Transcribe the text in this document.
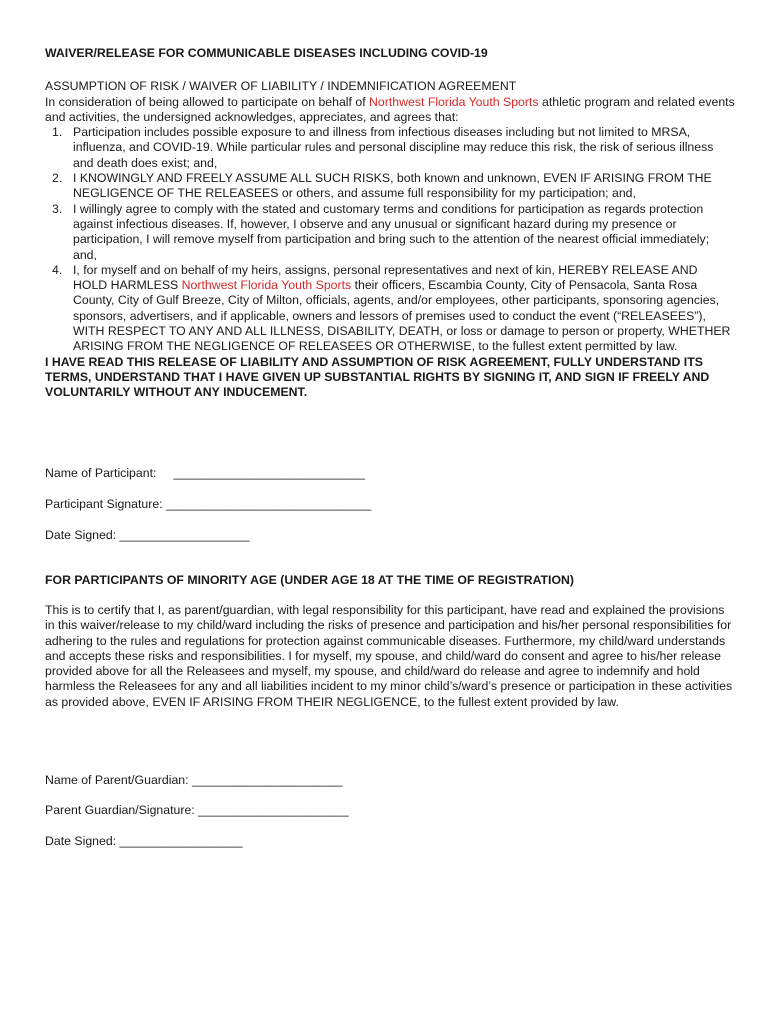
WAIVER/RELEASE FOR COMMUNICABLE DISEASES INCLUDING COVID-19

ASSUMPTION OF RISK / WAIVER OF LIABILITY / INDEMNIFICATION AGREEMENT

In consideration of being allowed to participate on behalf of Northwest Florida Youth Sports athletic program and related events and activities, the undersigned acknowledges, appreciates, and agrees that:

1. Participation includes possible exposure to and illness from infectious diseases including but not limited to MRSA, influenza, and COVID-19. While particular rules and personal discipline may reduce this risk, the risk of serious illness and death does exist; and,
2. I KNOWINGLY AND FREELY ASSUME ALL SUCH RISKS, both known and unknown, EVEN IF ARISING FROM THE NEGLIGENCE OF THE RELEASEES or others, and assume full responsibility for my participation; and,
3. I willingly agree to comply with the stated and customary terms and conditions for participation as regards protection against infectious diseases. If, however, I observe and any unusual or significant hazard during my presence or participation, I will remove myself from participation and bring such to the attention of the nearest official immediately; and,
4. I, for myself and on behalf of my heirs, assigns, personal representatives and next of kin, HEREBY RELEASE AND HOLD HARMLESS Northwest Florida Youth Sports their officers, Escambia County, City of Pensacola, Santa Rosa County, City of Gulf Breeze, City of Milton, officials, agents, and/or employees, other participants, sponsoring agencies, sponsors, advertisers, and if applicable, owners and lessors of premises used to conduct the event (“RELEASEES”), WITH RESPECT TO ANY AND ALL ILLNESS, DISABILITY, DEATH, or loss or damage to person or property, WHETHER ARISING FROM THE NEGLIGENCE OF RELEASEES OR OTHERWISE, to the fullest extent permitted by law.

I HAVE READ THIS RELEASE OF LIABILITY AND ASSUMPTION OF RISK AGREEMENT, FULLY UNDERSTAND ITS TERMS, UNDERSTAND THAT I HAVE GIVEN UP SUBSTANTIAL RIGHTS BY SIGNING IT, AND SIGN IF FREELY AND VOLUNTARILY WITHOUT ANY INDUCEMENT.

Name of Participant:     ____________________________

Participant Signature: ______________________________

Date Signed: ___________________

FOR PARTICIPANTS OF MINORITY AGE (UNDER AGE 18 AT THE TIME OF REGISTRATION)

This is to certify that I, as parent/guardian, with legal responsibility for this participant, have read and explained the provisions in this waiver/release to my child/ward including the risks of presence and participation and his/her personal responsibilities for adhering to the rules and regulations for protection against communicable diseases. Furthermore, my child/ward understands and accepts these risks and responsibilities. I for myself, my spouse, and child/ward do consent and agree to his/her release provided above for all the Releasees and myself, my spouse, and child/ward do release and agree to indemnify and hold harmless the Releasees for any and all liabilities incident to my minor child’s/ward’s presence or participation in these activities as provided above, EVEN IF ARISING FROM THEIR NEGLIGENCE, to the fullest extent provided by law.

Name of Parent/Guardian: ______________________

Parent Guardian/Signature: ______________________

Date Signed: __________________
